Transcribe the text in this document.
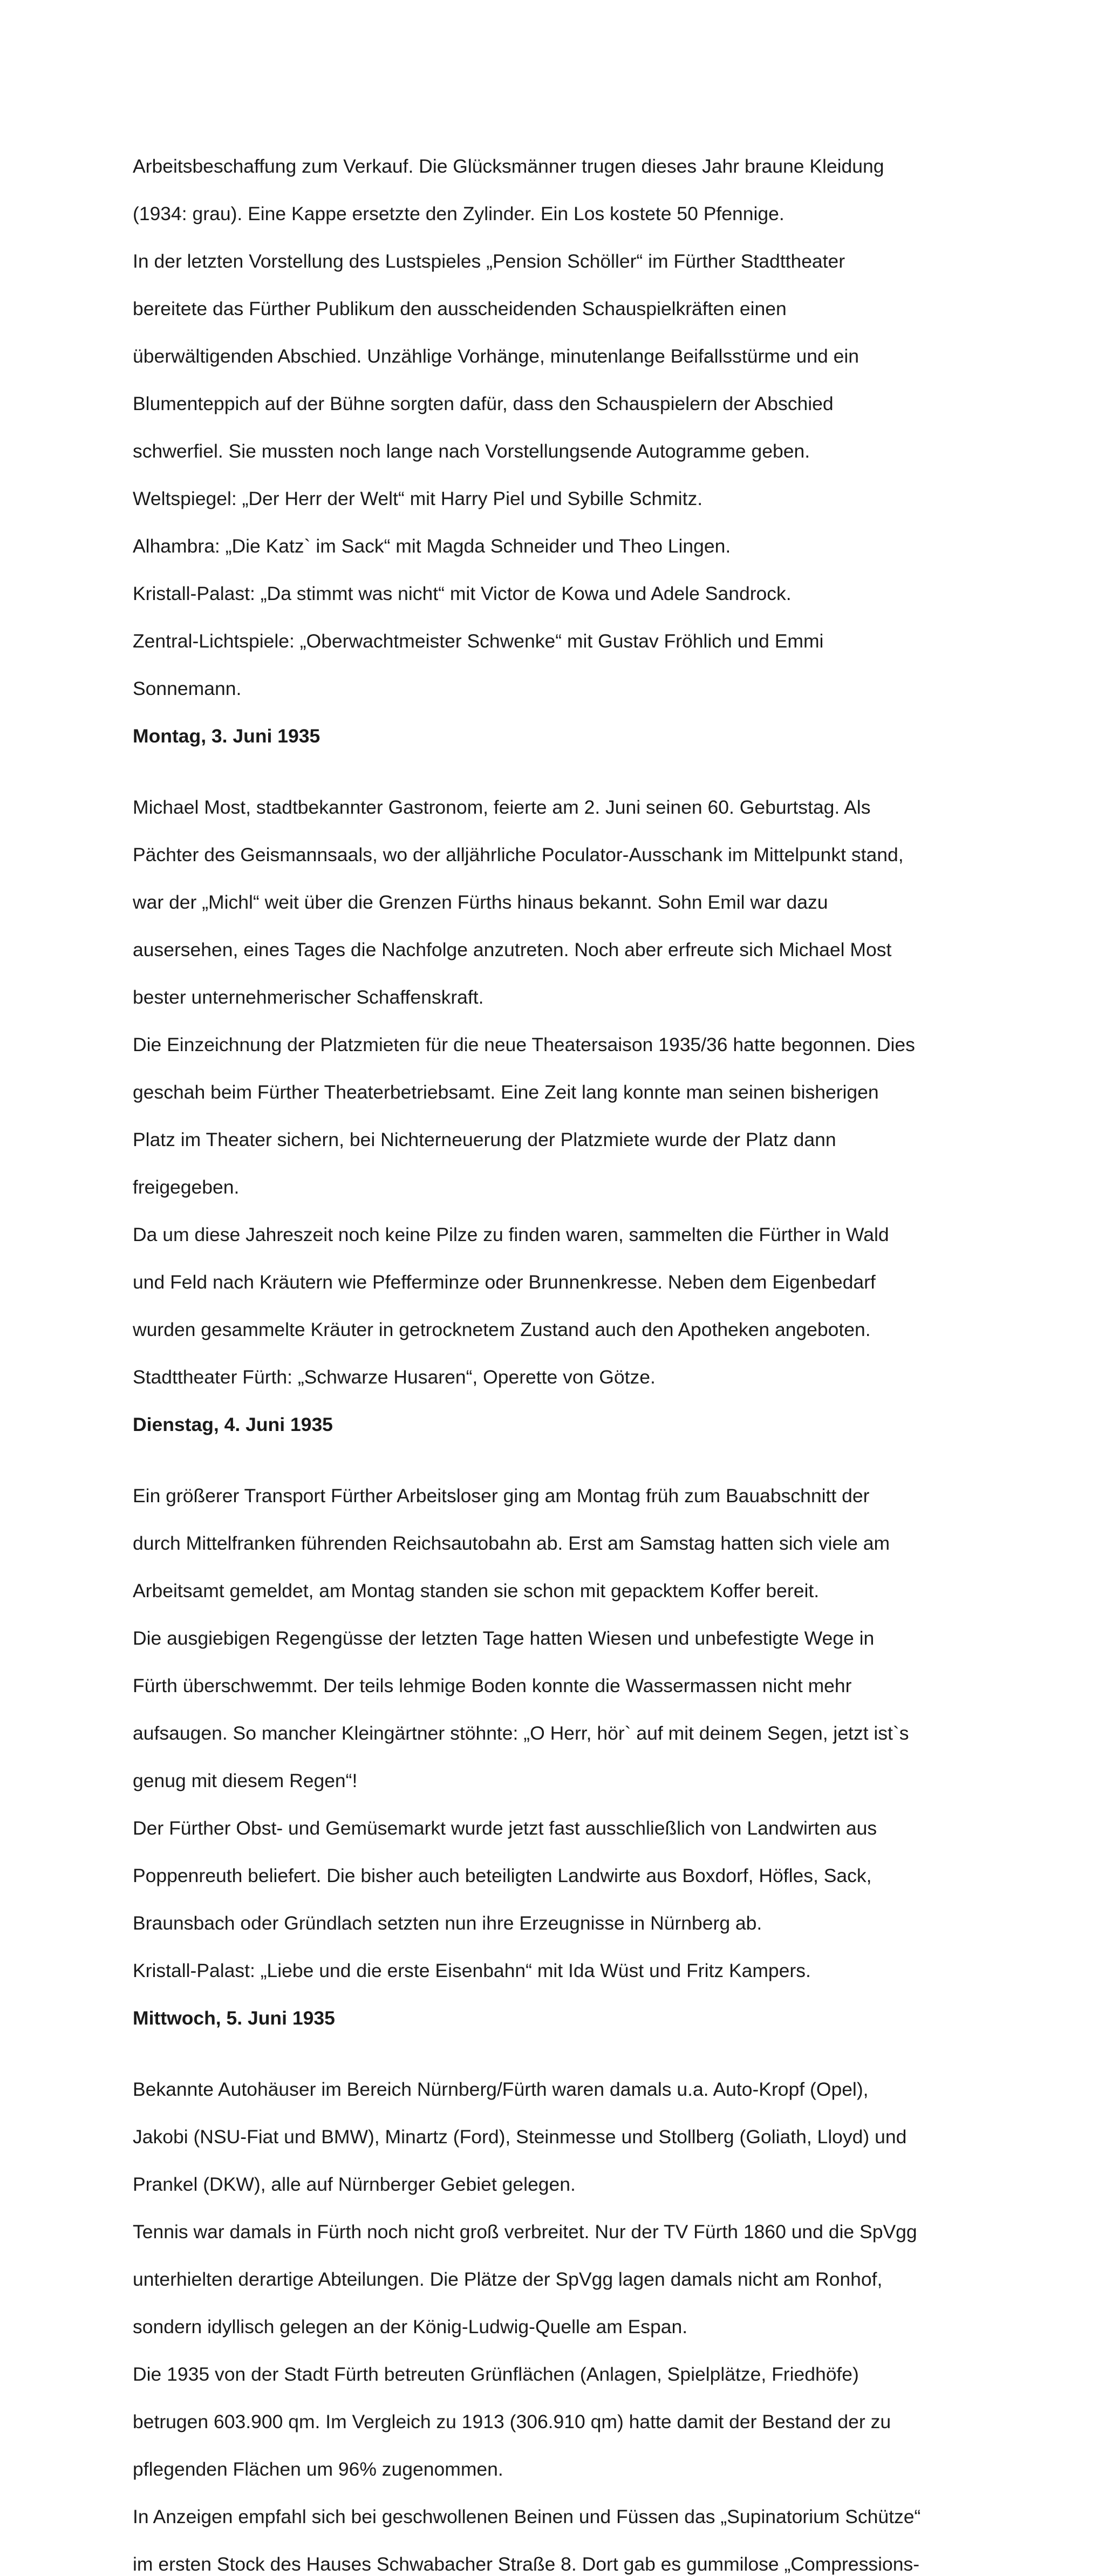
Arbeitsbeschaffung zum Verkauf. Die Glücksmänner trugen dieses Jahr braune Kleidung

(1934: grau). Eine Kappe ersetzte den Zylinder. Ein Los kostete 50 Pfennige.

In der letzten Vorstellung des Lustspieles „Pension Schöller“ im Fürther Stadttheater

bereitete das Fürther Publikum den ausscheidenden Schauspielkräften einen

überwältigenden Abschied. Unzählige Vorhänge, minutenlange Beifallsstürme und ein

Blumenteppich auf der Bühne sorgten dafür, dass den Schauspielern der Abschied

schwerfiel. Sie mussten noch lange nach Vorstellungsende Autogramme geben.

Weltspiegel: „Der Herr der Welt“ mit Harry Piel und Sybille Schmitz.

Alhambra: „Die Katz` im Sack“ mit Magda Schneider und Theo Lingen.

Kristall-Palast: „Da stimmt was nicht“ mit Victor de Kowa und Adele Sandrock.

Zentral-Lichtspiele: „Oberwachtmeister Schwenke“ mit Gustav Fröhlich und Emmi

Sonnemann.

Montag, 3. Juni 1935

Michael Most, stadtbekannter Gastronom, feierte am 2. Juni seinen 60. Geburtstag. Als

Pächter des Geismannsaals, wo der alljährliche Poculator-Ausschank im Mittelpunkt stand,

war der „Michl“ weit über die Grenzen Fürths hinaus bekannt. Sohn Emil war dazu

ausersehen, eines Tages die Nachfolge anzutreten. Noch aber erfreute sich Michael Most

bester unternehmerischer Schaffenskraft.

Die Einzeichnung der Platzmieten für die neue Theatersaison 1935/36 hatte begonnen. Dies

geschah beim Fürther Theaterbetriebsamt. Eine Zeit lang konnte man seinen bisherigen

Platz im Theater sichern, bei Nichterneuerung der Platzmiete wurde der Platz dann

freigegeben.

Da um diese Jahreszeit noch keine Pilze zu finden waren, sammelten die Fürther in Wald

und Feld nach Kräutern wie Pfefferminze oder Brunnenkresse. Neben dem Eigenbedarf

wurden gesammelte Kräuter in getrocknetem Zustand auch den Apotheken angeboten.

Stadttheater Fürth: „Schwarze Husaren“, Operette von Götze.

Dienstag, 4. Juni 1935

Ein größerer Transport Fürther Arbeitsloser ging am Montag früh zum Bauabschnitt der

durch Mittelfranken führenden Reichsautobahn ab. Erst am Samstag hatten sich viele am

Arbeitsamt gemeldet, am Montag standen sie schon mit gepacktem Koffer bereit.

Die ausgiebigen Regengüsse der letzten Tage hatten Wiesen und unbefestigte Wege in

Fürth überschwemmt. Der teils lehmige Boden konnte die Wassermassen nicht mehr

aufsaugen. So mancher Kleingärtner stöhnte: „O Herr, hör` auf mit deinem Segen, jetzt ist`s

genug mit diesem Regen“!

Der Fürther Obst- und Gemüsemarkt wurde jetzt fast ausschließlich von Landwirten aus

Poppenreuth beliefert. Die bisher auch beteiligten Landwirte aus Boxdorf, Höfles, Sack,

Braunsbach oder Gründlach setzten nun ihre Erzeugnisse in Nürnberg ab.

Kristall-Palast: „Liebe und die erste Eisenbahn“ mit Ida Wüst und Fritz Kampers.

Mittwoch, 5. Juni 1935

Bekannte Autohäuser im Bereich Nürnberg/Fürth waren damals u.a. Auto-Kropf (Opel),

Jakobi (NSU-Fiat und BMW), Minartz (Ford), Steinmesse und Stollberg (Goliath, Lloyd) und

Prankel (DKW), alle auf Nürnberger Gebiet gelegen.

Tennis war damals in Fürth noch nicht groß verbreitet. Nur der TV Fürth 1860 und die SpVgg

unterhielten derartige Abteilungen. Die Plätze der SpVgg lagen damals nicht am Ronhof,

sondern idyllisch gelegen an der König-Ludwig-Quelle am Espan.

Die 1935 von der Stadt Fürth betreuten Grünflächen (Anlagen, Spielplätze, Friedhöfe)

betrugen 603.900 qm. Im Vergleich zu 1913 (306.910 qm) hatte damit der Bestand der zu

pflegenden Flächen um 96% zugenommen.

In Anzeigen empfahl sich bei geschwollenen Beinen und Füssen das „Supinatorium Schütze“

im ersten Stock des Hauses Schwabacher Straße 8. Dort gab es gummilose „Compressions-
